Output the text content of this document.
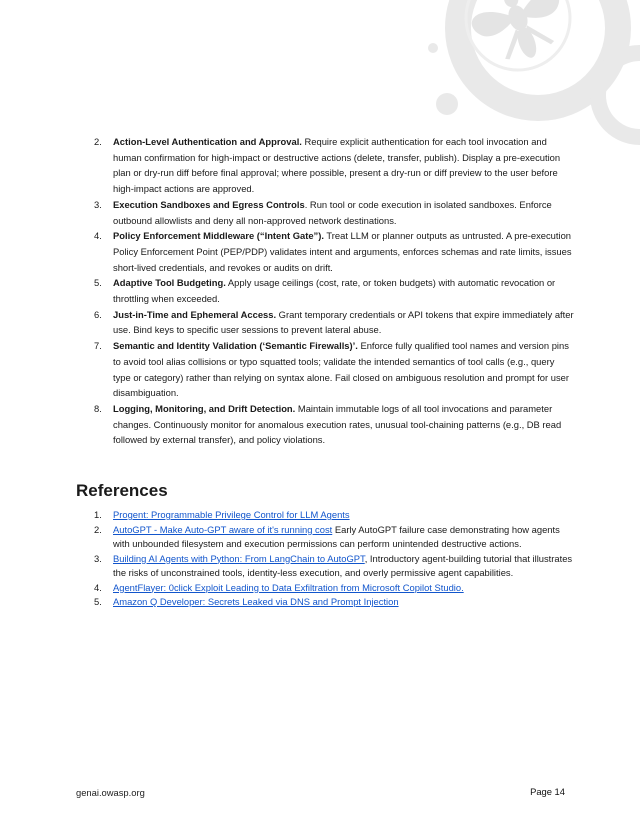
2. Action-Level Authentication and Approval. Require explicit authentication for each tool invocation and human confirmation for high-impact or destructive actions (delete, transfer, publish). Display a pre-execution plan or dry-run diff before final approval; where possible, present a dry-run or diff preview to the user before high-impact actions are approved.
3. Execution Sandboxes and Egress Controls. Run tool or code execution in isolated sandboxes. Enforce outbound allowlists and deny all non-approved network destinations.
4. Policy Enforcement Middleware (“Intent Gate”). Treat LLM or planner outputs as untrusted. A pre-execution Policy Enforcement Point (PEP/PDP) validates intent and arguments, enforces schemas and rate limits, issues short-lived credentials, and revokes or audits on drift.
5. Adaptive Tool Budgeting. Apply usage ceilings (cost, rate, or token budgets) with automatic revocation or throttling when exceeded.
6. Just-in-Time and Ephemeral Access. Grant temporary credentials or API tokens that expire immediately after use. Bind keys to specific user sessions to prevent lateral abuse.
7. Semantic and Identity Validation (‘Semantic Firewalls)’. Enforce fully qualified tool names and version pins to avoid tool alias collisions or typo squatted tools; validate the intended semantics of tool calls (e.g., query type or category) rather than relying on syntax alone. Fail closed on ambiguous resolution and prompt for user disambiguation.
8. Logging, Monitoring, and Drift Detection. Maintain immutable logs of all tool invocations and parameter changes. Continuously monitor for anomalous execution rates, unusual tool-chaining patterns (e.g., DB read followed by external transfer), and policy violations.
References
1. Progent: Programmable Privilege Control for LLM Agents
2. AutoGPT - Make Auto-GPT aware of it's running cost Early AutoGPT failure case demonstrating how agents with unbounded filesystem and execution permissions can perform unintended destructive actions.
3. Building AI Agents with Python: From LangChain to AutoGPT, Introductory agent-building tutorial that illustrates the risks of unconstrained tools, identity-less execution, and overly permissive agent capabilities.
4. AgentFlayer: 0click Exploit Leading to Data Exfiltration from Microsoft Copilot Studio.
5. Amazon Q Developer: Secrets Leaked via DNS and Prompt Injection
genai.owasp.org	Page 14
